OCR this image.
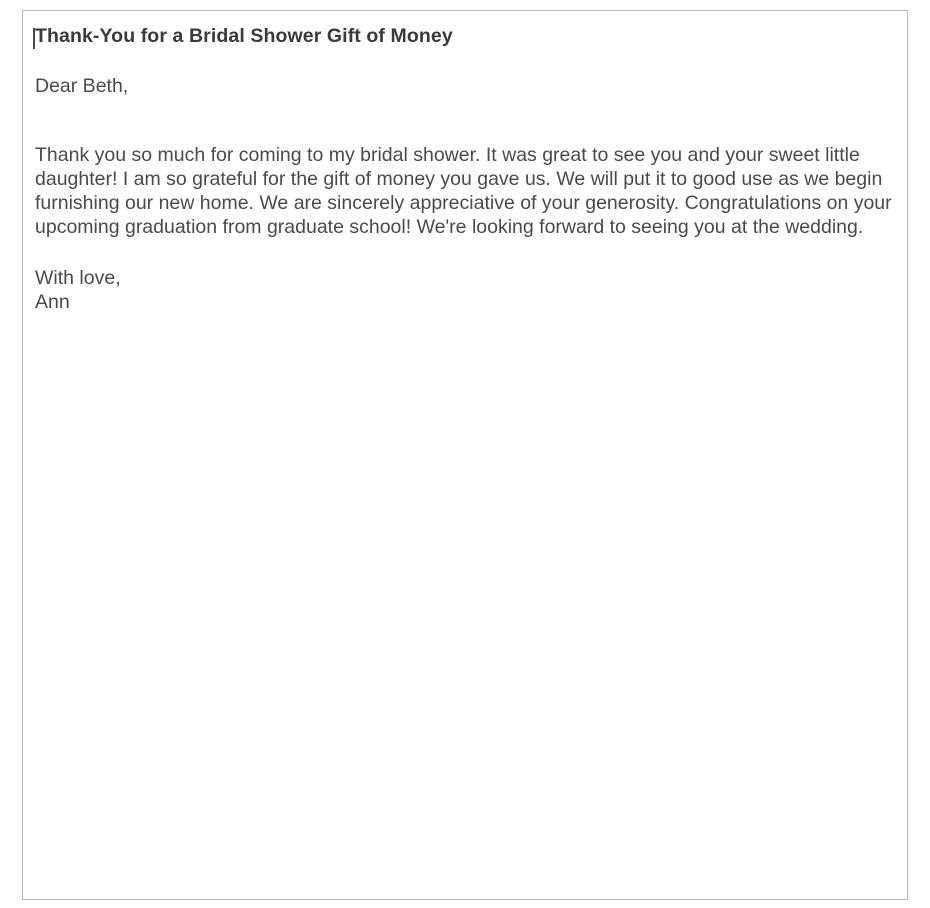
Thank-You for a Bridal Shower Gift of Money

Dear Beth,

Thank you so much for coming to my bridal shower. It was great to see you and your sweet little daughter! I am so grateful for the gift of money you gave us. We will put it to good use as we begin furnishing our new home. We are sincerely appreciative of your generosity. Congratulations on your upcoming graduation from graduate school! We're looking forward to seeing you at the wedding.

With love,
Ann
